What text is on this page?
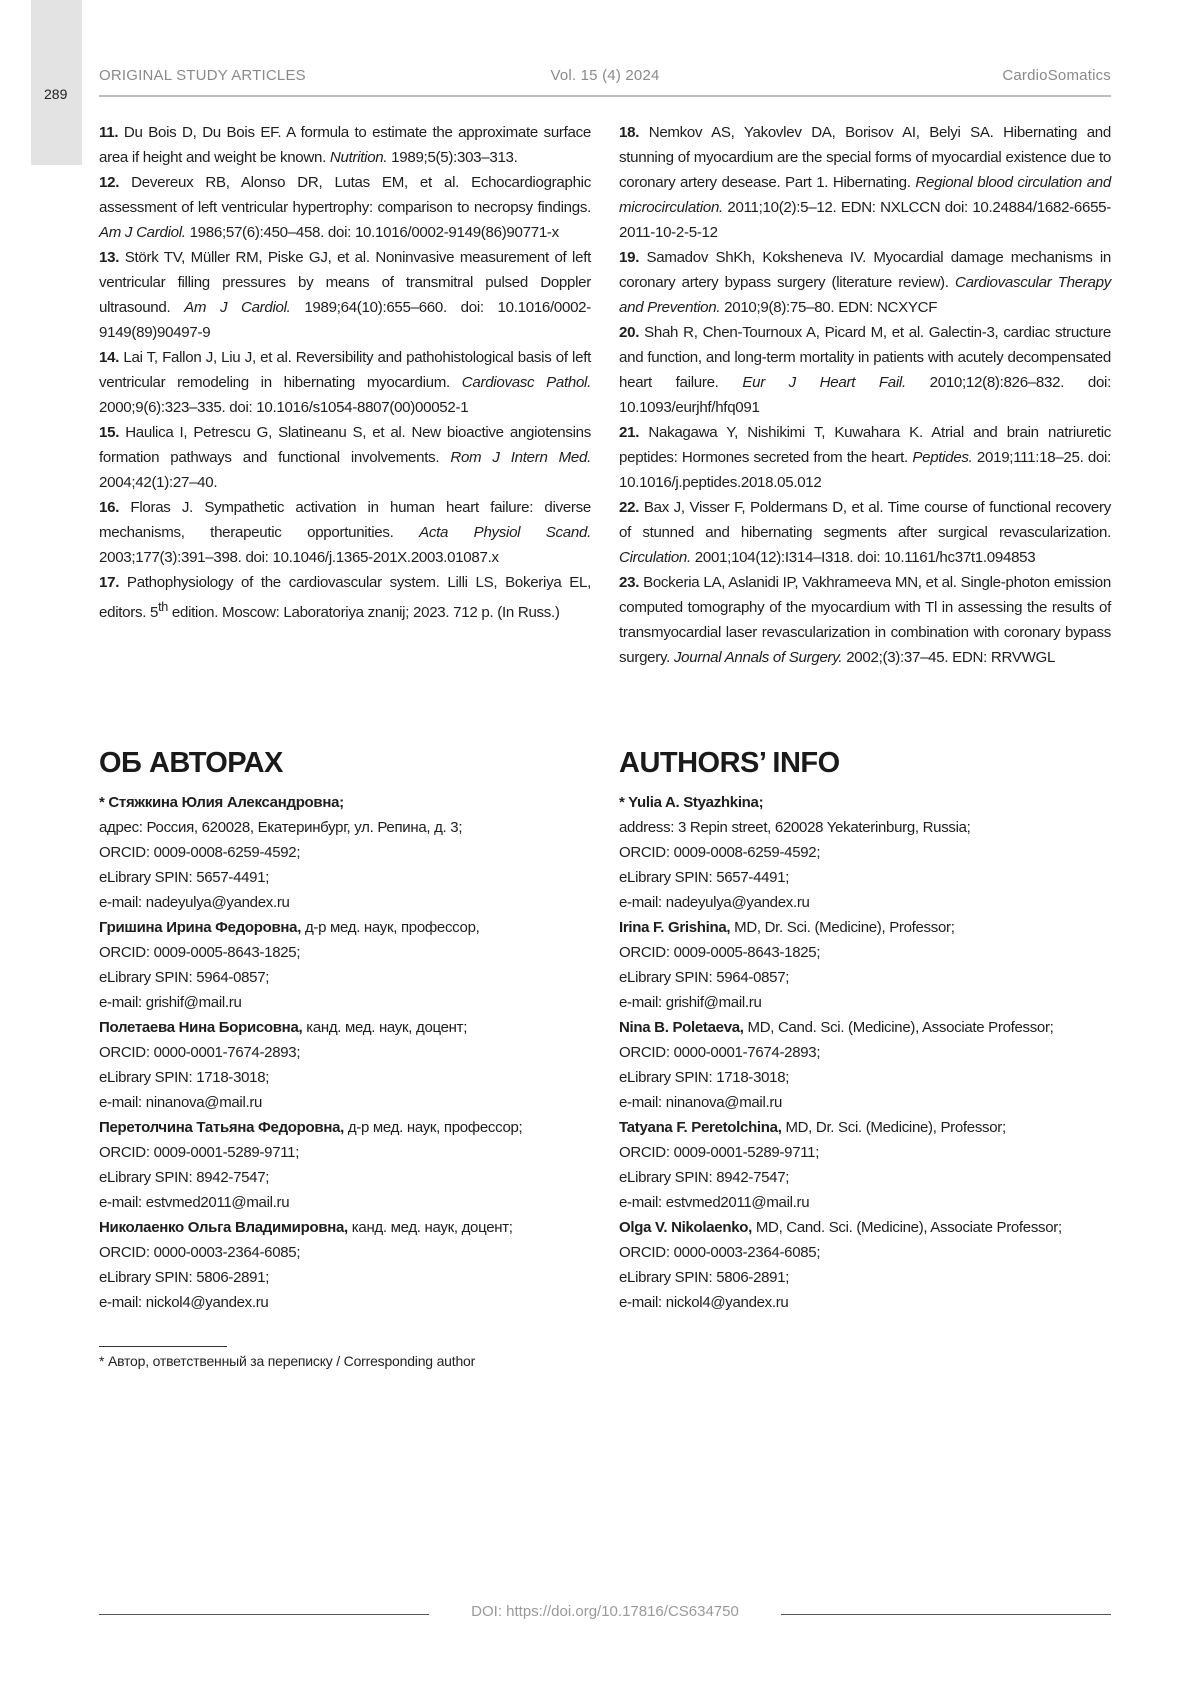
289
ORIGINAL STUDY ARTICLES	Vol. 15 (4) 2024	CardioSomatics
11. Du Bois D, Du Bois EF. A formula to estimate the approximate surface area if height and weight be known. Nutrition. 1989;5(5):303–313.
12. Devereux RB, Alonso DR, Lutas EM, et al. Echocardiographic assessment of left ventricular hypertrophy: comparison to necropsy findings. Am J Cardiol. 1986;57(6):450–458. doi: 10.1016/0002-9149(86)90771-x
13. Störk TV, Müller RM, Piske GJ, et al. Noninvasive measurement of left ventricular filling pressures by means of transmitral pulsed Doppler ultrasound. Am J Cardiol. 1989;64(10):655–660. doi: 10.1016/0002-9149(89)90497-9
14. Lai T, Fallon J, Liu J, et al. Reversibility and pathohistological basis of left ventricular remodeling in hibernating myocardium. Cardiovasc Pathol. 2000;9(6):323–335. doi: 10.1016/s1054-8807(00)00052-1
15. Haulica I, Petrescu G, Slatineanu S, et al. New bioactive angiotensins formation pathways and functional involvements. Rom J Intern Med. 2004;42(1):27–40.
16. Floras J. Sympathetic activation in human heart failure: diverse mechanisms, therapeutic opportunities. Acta Physiol Scand. 2003;177(3):391–398. doi: 10.1046/j.1365-201X.2003.01087.x
17. Pathophysiology of the cardiovascular system. Lilli LS, Bokeriya EL, editors. 5th edition. Moscow: Laboratoriya znanij; 2023. 712 p. (In Russ.)
18. Nemkov AS, Yakovlev DA, Borisov AI, Belyi SA. Hibernating and stunning of myocardium are the special forms of myocardial existence due to coronary artery desease. Part 1. Hibernating. Regional blood circulation and microcirculation. 2011;10(2):5–12. EDN: NXLCCN doi: 10.24884/1682-6655-2011-10-2-5-12
19. Samadov ShKh, Koksheneva IV. Myocardial damage mechanisms in coronary artery bypass surgery (literature review). Cardiovascular Therapy and Prevention. 2010;9(8):75–80. EDN: NCXYCF
20. Shah R, Chen-Tournoux A, Picard M, et al. Galectin-3, cardiac structure and function, and long-term mortality in patients with acutely decompensated heart failure. Eur J Heart Fail. 2010;12(8):826–832. doi: 10.1093/eurjhf/hfq091
21. Nakagawa Y, Nishikimi T, Kuwahara K. Atrial and brain natriuretic peptides: Hormones secreted from the heart. Peptides. 2019;111:18–25. doi: 10.1016/j.peptides.2018.05.012
22. Bax J, Visser F, Poldermans D, et al. Time course of functional recovery of stunned and hibernating segments after surgical revascularization. Circulation. 2001;104(12):I314–I318. doi: 10.1161/hc37t1.094853
23. Bockeria LA, Aslanidi IP, Vakhrameeva MN, et al. Single-photon emission computed tomography of the myocardium with Tl in assessing the results of transmyocardial laser revascularization in combination with coronary bypass surgery. Journal Annals of Surgery. 2002;(3):37–45. EDN: RRVWGL
ОБ АВТОРАХ
* Стяжкина Юлия Александровна;
адрес: Россия, 620028, Екатеринбург, ул. Репина, д. 3;
ORCID: 0009-0008-6259-4592;
eLibrary SPIN: 5657-4491;
e-mail: nadeyulya@yandex.ru
Гришина Ирина Федоровна, д-р мед. наук, профессор,
ORCID: 0009-0005-8643-1825;
eLibrary SPIN: 5964-0857;
e-mail: grishif@mail.ru
Полетаева Нина Борисовна, канд. мед. наук, доцент;
ORCID: 0000-0001-7674-2893;
eLibrary SPIN: 1718-3018;
e-mail: ninanova@mail.ru
Перетолчина Татьяна Федоровна, д-р мед. наук, профессор;
ORCID: 0009-0001-5289-9711;
eLibrary SPIN: 8942-7547;
e-mail: estvmed2011@mail.ru
Николаенко Ольга Владимировна, канд. мед. наук, доцент;
ORCID: 0000-0003-2364-6085;
eLibrary SPIN: 5806-2891;
e-mail: nickol4@yandex.ru
AUTHORS’ INFO
* Yulia A. Styazhkina;
address: 3 Repin street, 620028 Yekaterinburg, Russia;
ORCID: 0009-0008-6259-4592;
eLibrary SPIN: 5657-4491;
e-mail: nadeyulya@yandex.ru
Irina F. Grishina, MD, Dr. Sci. (Medicine), Professor;
ORCID: 0009-0005-8643-1825;
eLibrary SPIN: 5964-0857;
e-mail: grishif@mail.ru
Nina B. Poletaeva, MD, Cand. Sci. (Medicine), Associate Professor;
ORCID: 0000-0001-7674-2893;
eLibrary SPIN: 1718-3018;
e-mail: ninanova@mail.ru
Tatyana F. Peretolchina, MD, Dr. Sci. (Medicine), Professor;
ORCID: 0009-0001-5289-9711;
eLibrary SPIN: 8942-7547;
e-mail: estvmed2011@mail.ru
Olga V. Nikolaenko, MD, Cand. Sci. (Medicine), Associate Professor;
ORCID: 0000-0003-2364-6085;
eLibrary SPIN: 5806-2891;
e-mail: nickol4@yandex.ru
* Автор, ответственный за переписку / Corresponding author
DOI: https://doi.org/10.17816/CS634750
